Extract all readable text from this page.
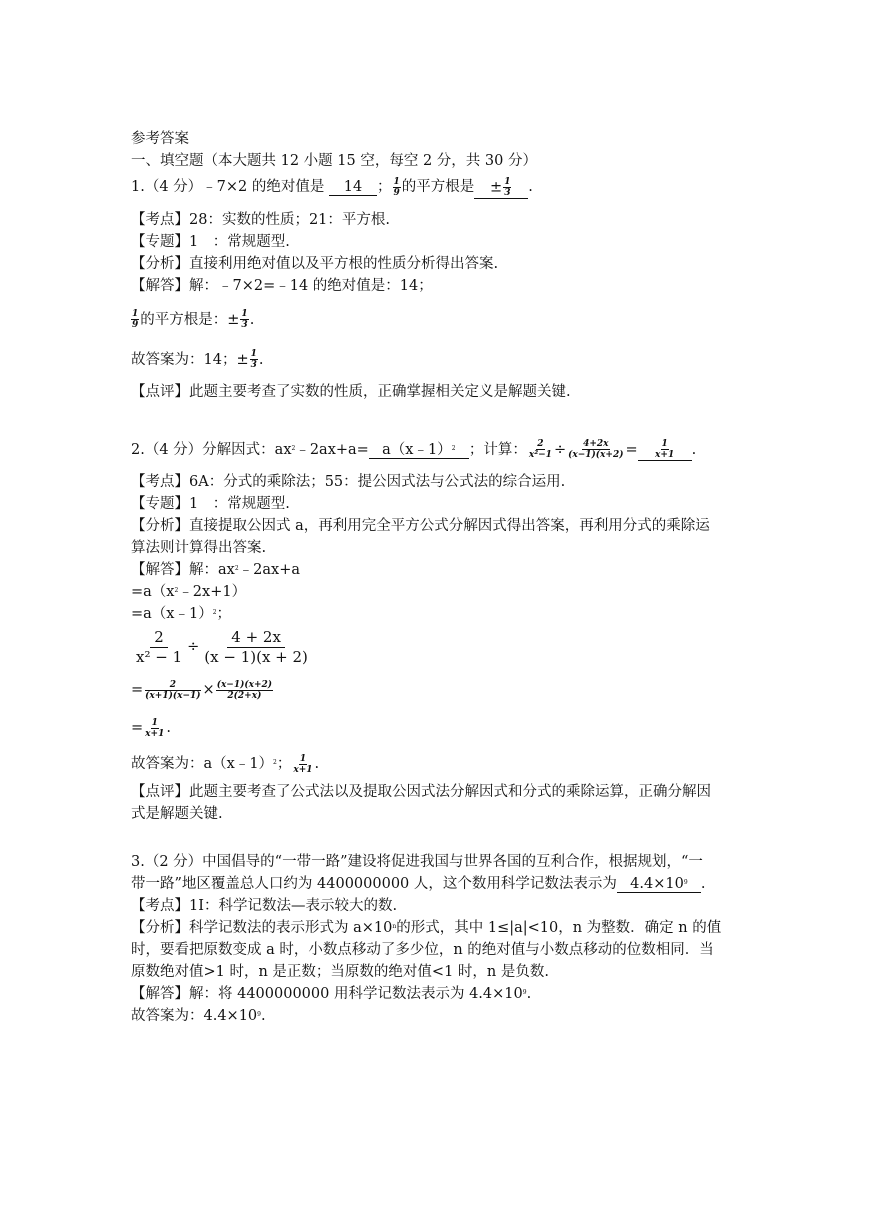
参考答案
一、填空题（本大题共 12 小题 15 空，每空 2 分，共 30 分）
1.（4 分）﹣7×2 的绝对值是 14 ； $\frac{1}{9}$ 的平方根是 ± $\frac{1}{3}$ .
【考点】28：实数的性质；21：平方根.
【专题】1　：常规题型.
【分析】直接利用绝对值以及平方根的性质分析得出答案.
【解答】解：﹣7×2=﹣14 的绝对值是：14；
$\frac{1}{9}$ 的平方根是：± $\frac{1}{3}$ .
故答案为：14；± $\frac{1}{3}$ .
【点评】此题主要考查了实数的性质，正确掌握相关定义是解题关键.
2.（4 分）分解因式：$ax^2﹣2ax+a=$ a（x﹣1）$^2$ ；计算： $\frac{2}{\text{x²−1}} \div \frac{4+2x}{(x-1)(x+2)} = \frac{1}{x+1}$ .
【考点】6A：分式的乘除法；55：提公因式法与公式法的综合运用.
【专题】1　：常规题型.
【分析】直接提取公因式 a，再利用完全平方公式分解因式得出答案，再利用分式的乘除运
算法则计算得出答案.
【解答】解：$ax^2﹣2ax+a$
$=a(x^2﹣2x+1)$
=a（x﹣1）$^2$；
$\frac{2}{\text{x² − 1}} \div \frac{4 + 2x}{(x - 1)(x + 2)}$
= $\frac{2}{(x+1)(x-1)} \times \frac{(x-1)(x+2)}{2(2+x)}$
= $\frac{1}{x+1}$ .
故答案为：a（x﹣1）$^2$； $\frac{1}{x+1}$ .
【点评】此题主要考查了公式法以及提取公因式法分解因式和分式的乘除运算，正确分解因
式是解题关键.
3.（2 分）中国倡导的“一带一路”建设将促进我国与世界各国的互利合作，根据规划，“一
带一路”地区覆盖总人口约为 4400000000 人，这个数用科学记数法表示为 $4.4\times 10^9$ .
【考点】1I：科学记数法—表示较大的数.
【分析】科学记数法的表示形式为 $a\times 10^n$的形式，其中 1≤|a|<10，n 为整数．确定 n 的值
时，要看把原数变成 a 时，小数点移动了多少位，n 的绝对值与小数点移动的位数相同．当
原数绝对值>1 时，n 是正数；当原数的绝对值<1 时，n 是负数.
【解答】解：将 4400000000 用科学记数法表示为 $4.4\times 10^9$.
故答案为：$4.4\times 10^9$.
